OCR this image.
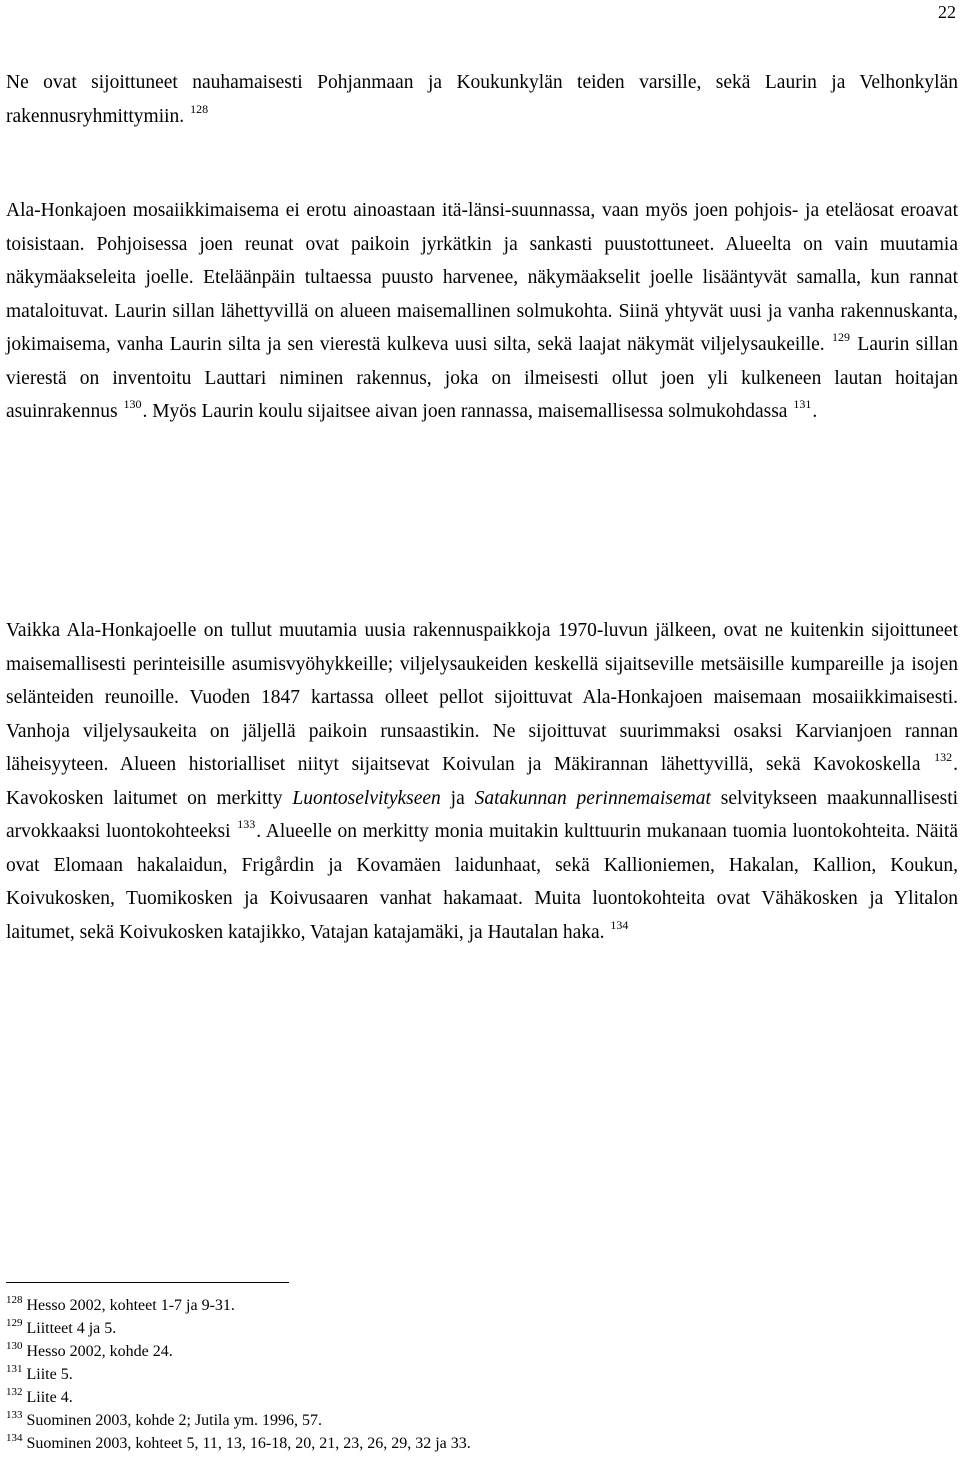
22

Ne ovat sijoittuneet nauhamaisesti Pohjanmaan ja Koukunkylän teiden varsille, sekä Laurin ja Velhonkylän rakennusryhmittymiin. $^{128}$

Ala-Honkajoen mosaiikkimaisema ei erotu ainoastaan itä-länsi-suunnassa, vaan myös joen pohjois- ja eteläosat eroavat toisistaan. Pohjoisessa joen reunat ovat paikoin jyrkätkin ja sankasti puustottuneet. Alueelta on vain muutamia näkymäakseleita joelle. Eteläänpäin tultaessa puusto harvenee, näkymäakselit joelle lisääntyvät samalla, kun rannat mataloituvat. Laurin sillan lähettyvillä on alueen maisemallinen solmukohta. Siinä yhtyvät uusi ja vanha rakennuskanta, jokimaisema, vanha Laurin silta ja sen vierestä kulkeva uusi silta, sekä laajat näkymät viljelysaukeille. $^{129}$ Laurin sillan vierestä on inventoitu Lauttari niminen rakennus, joka on ilmeisesti ollut joen yli kulkeneen lautan hoitajan asuinrakennus $^{130}$. Myös Laurin koulu sijaitsee aivan joen rannassa, maisemallisessa solmukohdassa $^{131}$.

Vaikka Ala-Honkajoelle on tullut muutamia uusia rakennuspaikkoja 1970-luvun jälkeen, ovat ne kuitenkin sijoittuneet maisemallisesti perinteisille asumisvyöhykkeille; viljelysaukeiden keskellä sijaitseville metsäisille kumpareille ja isojen selänteiden reunoille. Vuoden 1847 kartassa olleet pellot sijoittuvat Ala-Honkajoen maisemaan mosaiikkimaisesti. Vanhoja viljelysaukeita on jäljellä paikoin runsaastikin. Ne sijoittuvat suurimmaksi osaksi Karvianjoen rannan läheisyyteen. Alueen historialliset niityt sijaitsevat Koivulan ja Mäkirannan lähettyvillä, sekä Kavokoskella $^{132}$. Kavokosken laitumet on merkitty Luontoselvitykseen ja Satakunnan perinnemaisemat selvitykseen maakunnallisesti arvokkaaksi luontokohteeksi $^{133}$. Alueelle on merkitty monia muitakin kulttuurin mukanaan tuomia luontokohteita. Näitä ovat Elomaan hakalaidun, Frigårdin ja Kovamäen laidunhaat, sekä Kallioniemen, Hakalan, Kallion, Koukun, Koivukosken, Tuomikosken ja Koivusaaren vanhat hakamaat. Muita luontokohteita ovat Vähäkosken ja Ylitalon laitumet, sekä Koivukosken katajikko, Vatajan katajamäki, ja Hautalan haka. $^{134}$

$^{128}$ Hesso 2002, kohteet 1-7 ja 9-31.
$^{129}$ Liitteet 4 ja 5.
$^{130}$ Hesso 2002, kohde 24.
$^{131}$ Liite 5.
$^{132}$ Liite 4.
$^{133}$ Suominen 2003, kohde 2; Jutila ym. 1996, 57.
$^{134}$ Suominen 2003, kohteet 5, 11, 13, 16-18, 20, 21, 23, 26, 29, 32 ja 33.
